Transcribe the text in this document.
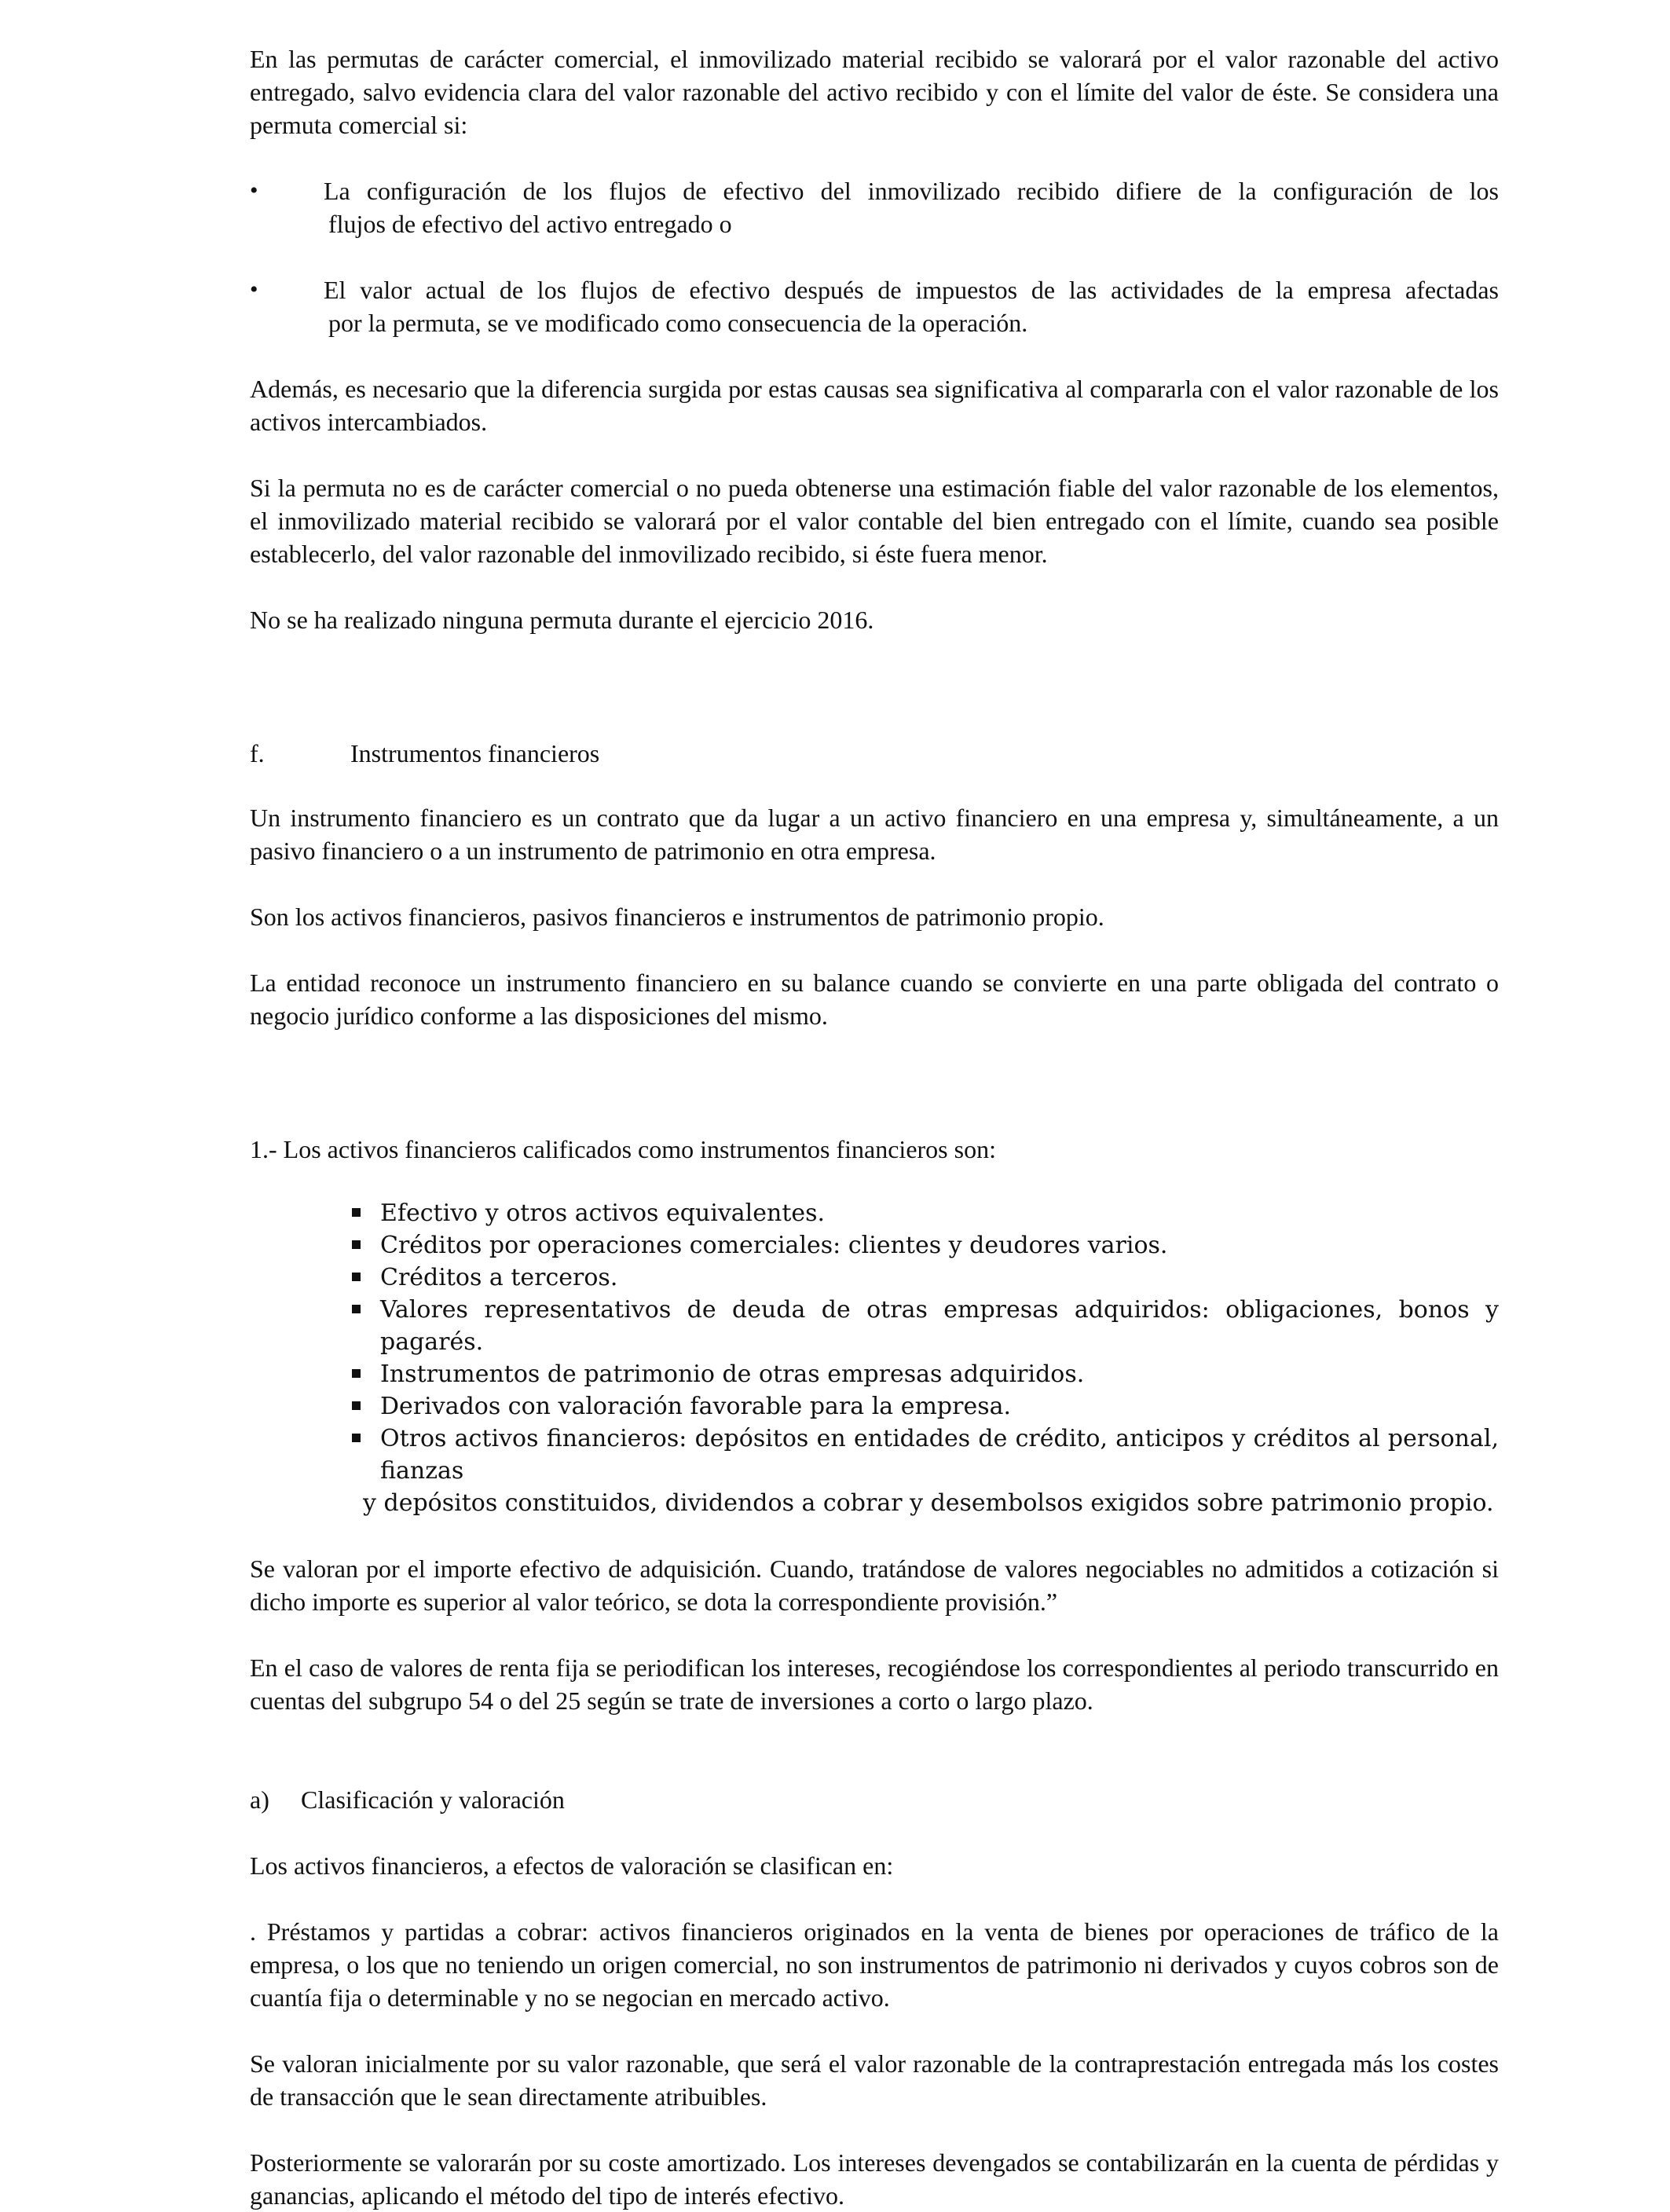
En las permutas de carácter comercial, el inmovilizado material recibido se valorará por el valor razonable del activo entregado, salvo evidencia clara del valor razonable del activo recibido y con el límite del valor de éste. Se considera una permuta comercial si:

•	La configuración de los flujos de efectivo del inmovilizado recibido difiere de la configuración de los
flujos de efectivo del activo entregado o
•	El valor actual de los flujos de efectivo después de impuestos de las actividades de la empresa afectadas
por la permuta, se ve modificado como consecuencia de la operación.

Además, es necesario que la diferencia surgida por estas causas sea significativa al compararla con el valor razonable de los activos intercambiados.

Si la permuta no es de carácter comercial o no pueda obtenerse una estimación fiable del valor razonable de los elementos, el inmovilizado material recibido se valorará por el valor contable del bien entregado con el límite, cuando sea posible establecerlo, del valor razonable del inmovilizado recibido, si éste fuera menor.

No se ha realizado ninguna permuta durante el ejercicio 2016.

f.	Instrumentos financieros

Un instrumento financiero es un contrato que da lugar a un activo financiero en una empresa y, simultáneamente, a un pasivo financiero o a un instrumento de patrimonio en otra empresa.

Son los activos financieros, pasivos financieros e instrumentos de patrimonio propio.

La entidad reconoce un instrumento financiero en su balance cuando se convierte en una parte obligada del contrato o negocio jurídico conforme a las disposiciones del mismo.

1.- Los activos financieros calificados como instrumentos financieros son:

Efectivo y otros activos equivalentes.
Créditos por operaciones comerciales: clientes y deudores varios.
Créditos a terceros.
Valores representativos de deuda de otras empresas adquiridos: obligaciones, bonos y pagarés.
Instrumentos de patrimonio de otras empresas adquiridos.
Derivados con valoración favorable para la empresa.
Otros activos financieros: depósitos en entidades de crédito, anticipos y créditos al personal, fianzas
y depósitos constituidos, dividendos a cobrar y desembolsos exigidos sobre patrimonio propio.

Se valoran por el importe efectivo de adquisición. Cuando, tratándose de valores negociables no admitidos a cotización si dicho importe es superior al valor teórico, se dota la correspondiente provisión.”

En el caso de valores de renta fija se periodifican los intereses, recogiéndose los correspondientes al periodo transcurrido en cuentas del subgrupo 54 o del 25 según se trate de inversiones a corto o largo plazo.

a)	Clasificación y valoración

Los activos financieros, a efectos de valoración se clasifican en:

. Préstamos y partidas a cobrar: activos financieros originados en la venta de bienes por operaciones de tráfico de la empresa, o los que no teniendo un origen comercial, no son instrumentos de patrimonio ni derivados y cuyos cobros son de cuantía fija o determinable y no se negocian en mercado activo.

Se valoran inicialmente por su valor razonable, que será el valor razonable de la contraprestación entregada más los costes de transacción que le sean directamente atribuibles.

Posteriormente se valorarán por su coste amortizado. Los intereses devengados se contabilizarán en la cuenta de pérdidas y ganancias, aplicando el método del tipo de interés efectivo.
